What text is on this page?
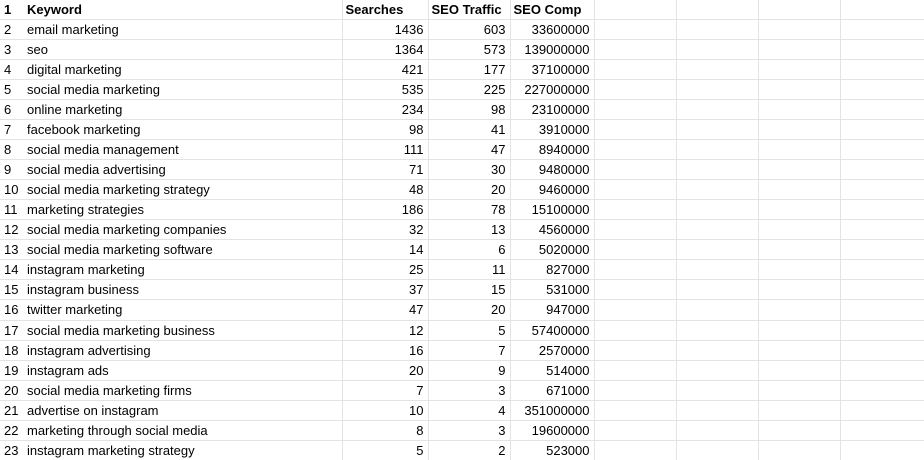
1	Keyword	Searches	SEO Traffic	SEO Comp				
2	email marketing	1436	603	33600000				
3	seo	1364	573	139000000				
4	digital marketing	421	177	37100000				
5	social media marketing	535	225	227000000				
6	online marketing	234	98	23100000				
7	facebook marketing	98	41	3910000				
8	social media management	111	47	8940000				
9	social media advertising	71	30	9480000				
10	social media marketing strategy	48	20	9460000				
11	marketing strategies	186	78	15100000				
12	social media marketing companies	32	13	4560000				
13	social media marketing software	14	6	5020000				
14	instagram marketing	25	11	827000				
15	instagram business	37	15	531000				
16	twitter marketing	47	20	947000				
17	social media marketing business	12	5	57400000				
18	instagram advertising	16	7	2570000				
19	instagram ads	20	9	514000				
20	social media marketing firms	7	3	671000				
21	advertise on instagram	10	4	351000000				
22	marketing through social media	8	3	19600000				
23	instagram marketing strategy	5	2	523000				
